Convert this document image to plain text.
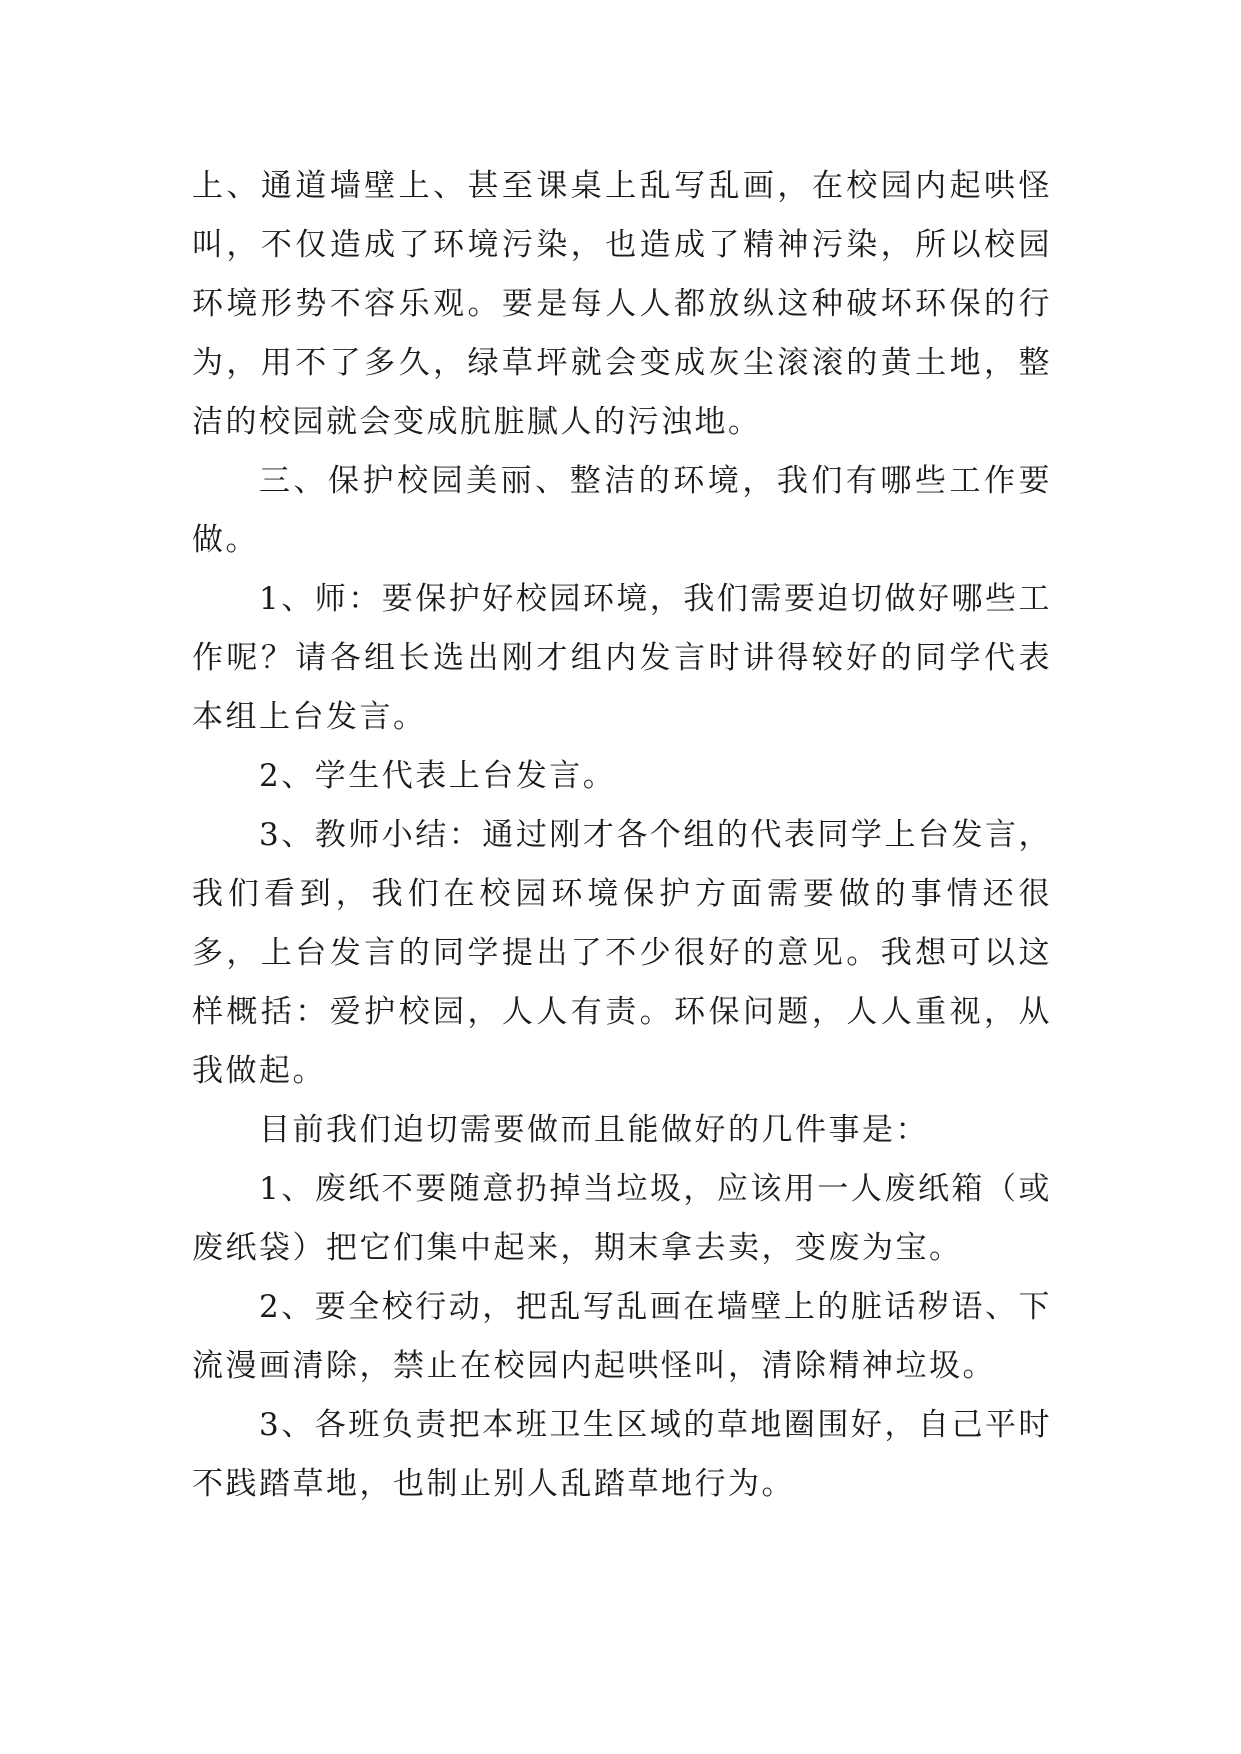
上、通道墙壁上、甚至课桌上乱写乱画，在校园内起哄怪叫，不仅造成了环境污染，也造成了精神污染，所以校园环境形势不容乐观。要是每人人都放纵这种破坏环保的行为，用不了多久，绿草坪就会变成灰尘滚滚的黄土地，整洁的校园就会变成肮脏腻人的污浊地。

三、保护校园美丽、整洁的环境，我们有哪些工作要做。

1、师：要保护好校园环境，我们需要迫切做好哪些工作呢？请各组长选出刚才组内发言时讲得较好的同学代表本组上台发言。

2、学生代表上台发言。

3、教师小结：通过刚才各个组的代表同学上台发言，我们看到，我们在校园环境保护方面需要做的事情还很多，上台发言的同学提出了不少很好的意见。我想可以这样概括：爱护校园，人人有责。环保问题，人人重视，从我做起。

目前我们迫切需要做而且能做好的几件事是：

1、废纸不要随意扔掉当垃圾，应该用一人废纸箱（或废纸袋）把它们集中起来，期末拿去卖，变废为宝。

2、要全校行动，把乱写乱画在墙壁上的脏话秽语、下流漫画清除，禁止在校园内起哄怪叫，清除精神垃圾。

3、各班负责把本班卫生区域的草地圈围好，自己平时不践踏草地，也制止别人乱踏草地行为。
